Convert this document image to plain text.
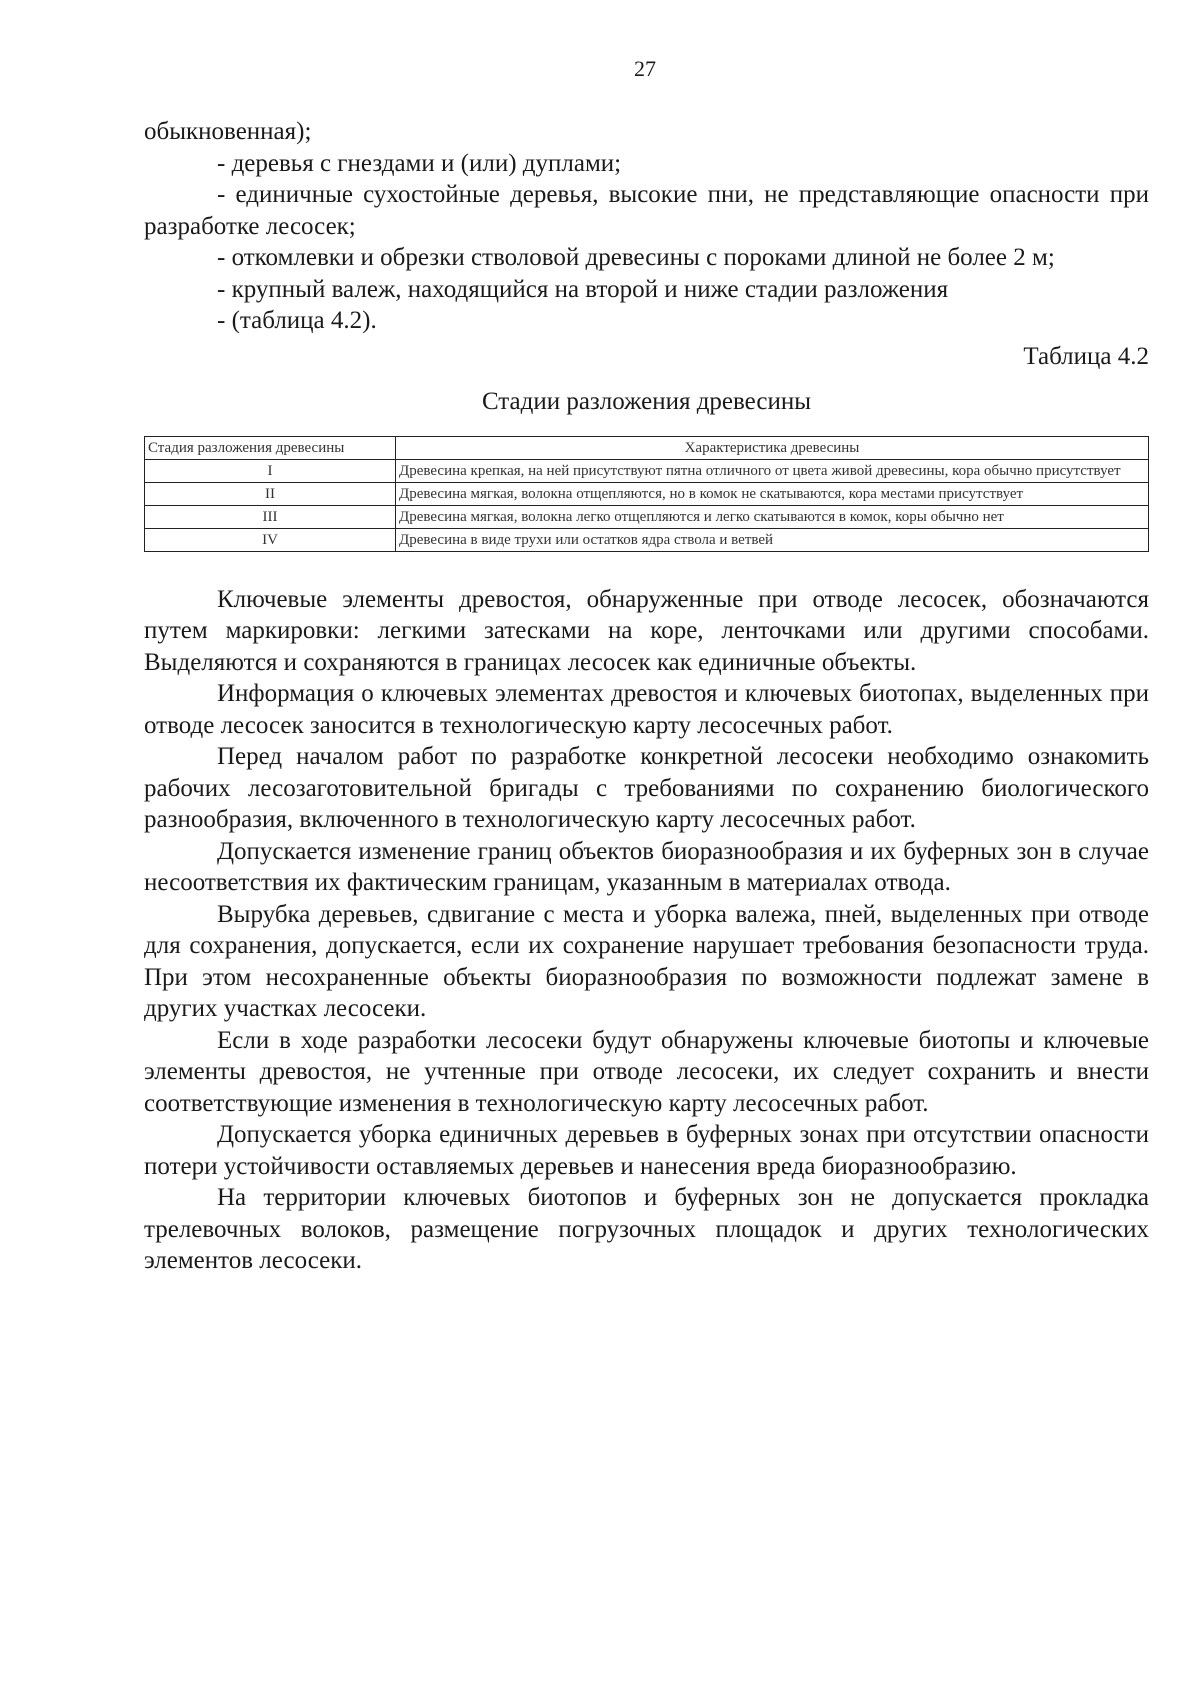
27

обыкновенная);

- деревья с гнездами и (или) дуплами;

- единичные сухостойные деревья, высокие пни, не представляющие опасности при разработке лесосек;

- откомлевки и обрезки стволовой древесины с пороками длиной не более 2 м;

- крупный валеж, находящийся на второй и ниже стадии разложения

- (таблица 4.2).

Таблица 4.2
Стадии разложения древесины
Стадия разложения древесины	Характеристика древесины
I	Древесина крепкая, на ней присутствуют пятна отличного от цвета живой древесины, кора обычно присутствует
II	Древесина мягкая, волокна отщепляются, но в комок не скатываются, кора местами присутствует
III	Древесина мягкая, волокна легко отщепляются и легко скатываются в комок, коры обычно нет
IV	Древесина в виде трухи или остатков ядра ствола и ветвей

Ключевые элементы древостоя, обнаруженные при отводе лесосек, обозначаются путем маркировки: легкими затесками на коре, ленточками или другими способами. Выделяются и сохраняются в границах лесосек как единичные объекты.

Информация о ключевых элементах древостоя и ключевых биотопах, выделенных при отводе лесосек заносится в технологическую карту лесосечных работ.

Перед началом работ по разработке конкретной лесосеки необходимо ознакомить рабочих лесозаготовительной бригады с требованиями по сохранению биологического разнообразия, включенного в технологическую карту лесосечных работ.

Допускается изменение границ объектов биоразнообразия и их буферных зон в случае несоответствия их фактическим границам, указанным в материалах отвода.

Вырубка деревьев, сдвигание с места и уборка валежа, пней, выделенных при отводе для сохранения, допускается, если их сохранение нарушает требования безопасности труда. При этом несохраненные объекты биоразнообразия по возможности подлежат замене в других участках лесосеки.

Если в ходе разработки лесосеки будут обнаружены ключевые биотопы и ключевые элементы древостоя, не учтенные при отводе лесосеки, их следует сохранить и внести соответствующие изменения в технологическую карту лесосечных работ.

Допускается уборка единичных деревьев в буферных зонах при отсутствии опасности потери устойчивости оставляемых деревьев и нанесения вреда биоразнообразию.

На территории ключевых биотопов и буферных зон не допускается прокладка трелевочных волоков, размещение погрузочных площадок и других технологических элементов лесосеки.
